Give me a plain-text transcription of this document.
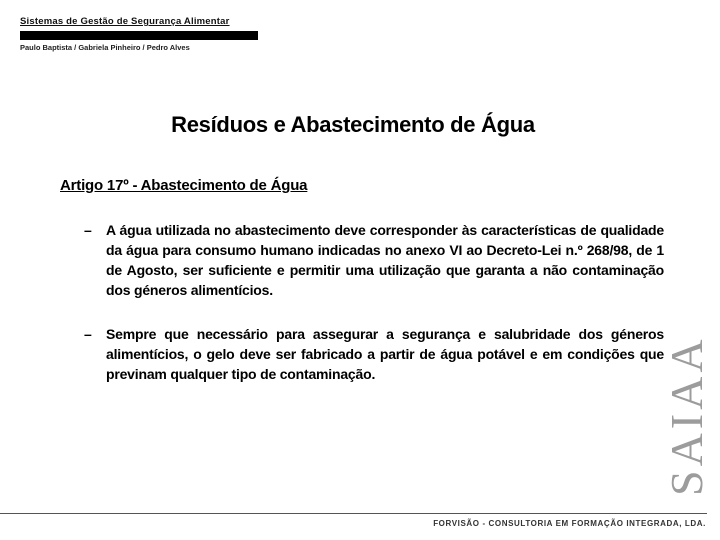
Sistemas de Gestão de Segurança Alimentar
Paulo Baptista / Gabriela Pinheiro / Pedro Alves
Resíduos e Abastecimento de Água
Artigo 17º - Abastecimento de Água
–	A água utilizada no abastecimento deve corresponder às características de qualidade da água para consumo humano indicadas no anexo VI ao Decreto-Lei n.º 268/98, de 1 de Agosto, ser suficiente e permitir uma utilização que garanta a não contaminação dos géneros alimentícios.
–	Sempre que necessário para assegurar a segurança e salubridade dos géneros alimentícios, o gelo deve ser fabricado a partir de água potável e em condições que previnam qualquer tipo de contaminação.	SAIAA
FORVISÃO - CONSULTORIA EM FORMAÇÃO INTEGRADA, LDA.
